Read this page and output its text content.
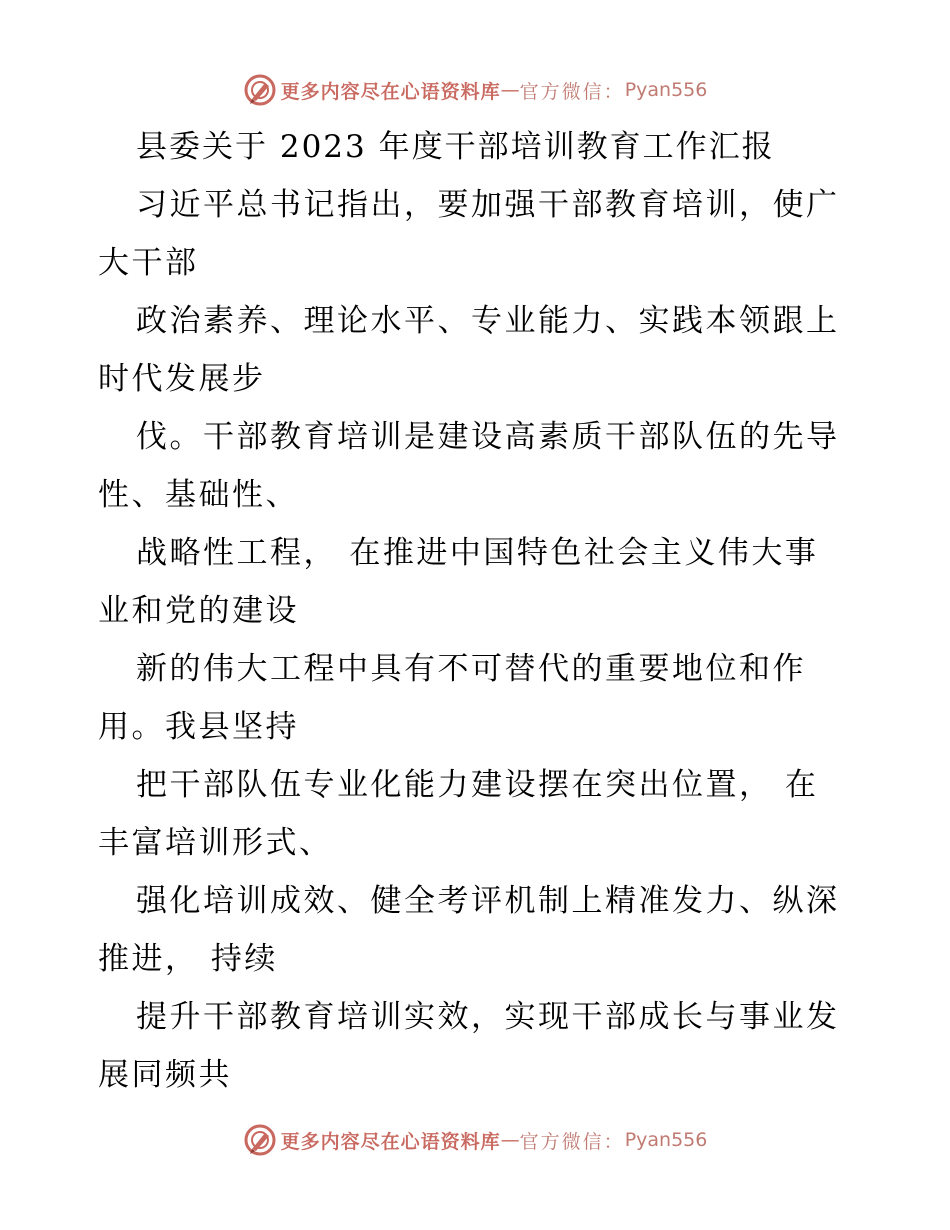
更多内容尽在心语资料库 — 官方微信： Pyan556
县委关于 2023 年度干部培训教育工作汇报
习近平总书记指出，要加强干部教育培训，使广
大干部
政治素养、理论水平、专业能力、实践本领跟上
时代发展步
伐。干部教育培训是建设高素质干部队伍的先导
性、基础性、
战略性工程， 在推进中国特色社会主义伟大事
业和党的建设
新的伟大工程中具有不可替代的重要地位和作
用。我县坚持
把干部队伍专业化能力建设摆在突出位置， 在
丰富培训形式、
强化培训成效、健全考评机制上精准发力、纵深
推进， 持续
提升干部教育培训实效，实现干部成长与事业发
展同频共
更多内容尽在心语资料库 — 官方微信： Pyan556
